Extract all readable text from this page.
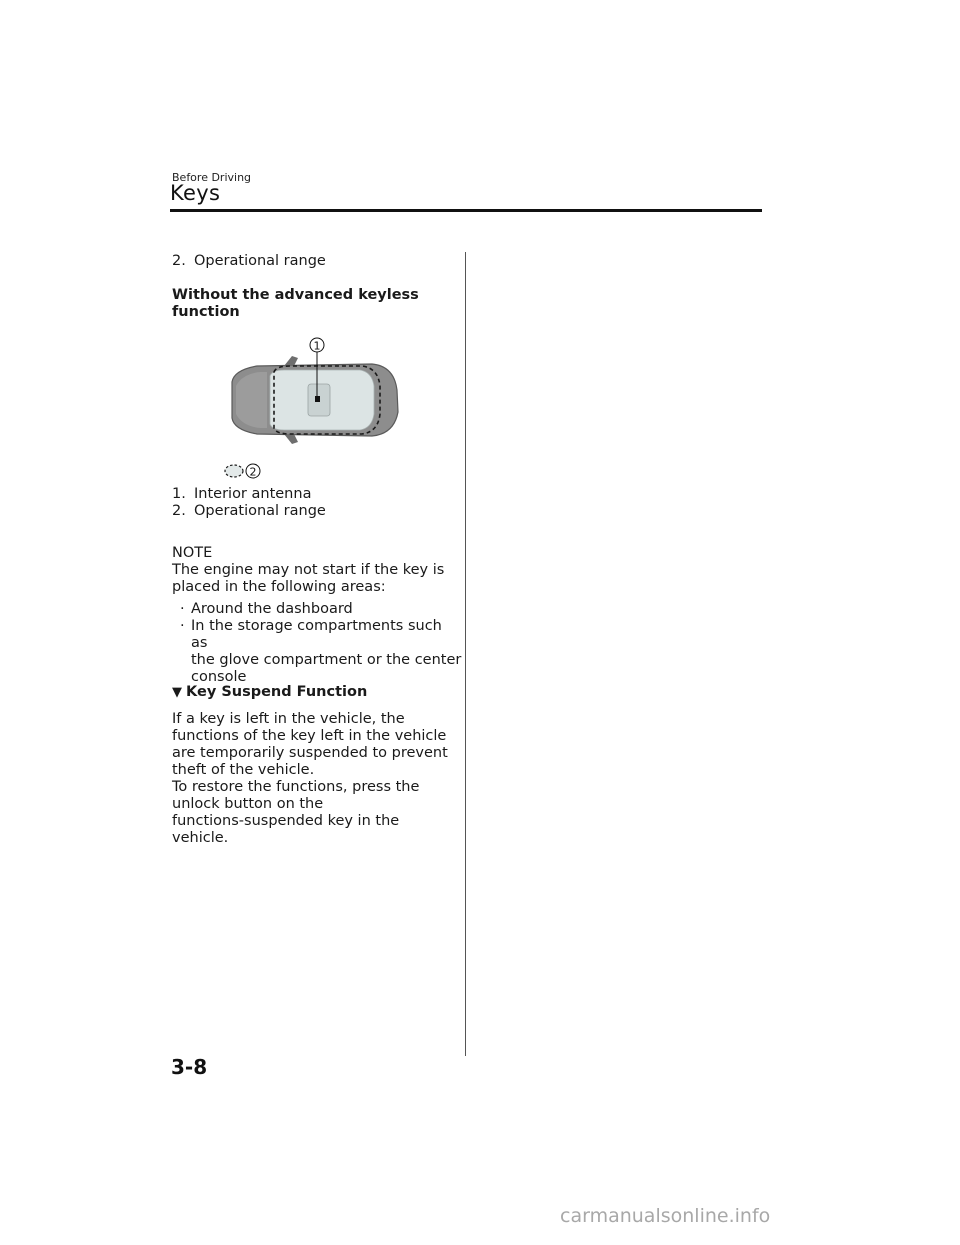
Before Driving
Keys
2. Operational range
Without the advanced keyless
function
1
2
1. Interior antenna
2. Operational range
NOTE
The engine may not start if the key is
placed in the following areas:
· Around the dashboard
· In the storage compartments such as
the glove compartment or the center
console
▼ Key Suspend Function
If a key is left in the vehicle, the
functions of the key left in the vehicle
are temporarily suspended to prevent
theft of the vehicle.
To restore the functions, press the
unlock button on the
functions-suspended key in the
vehicle.
3-8
carmanualsonline.info
